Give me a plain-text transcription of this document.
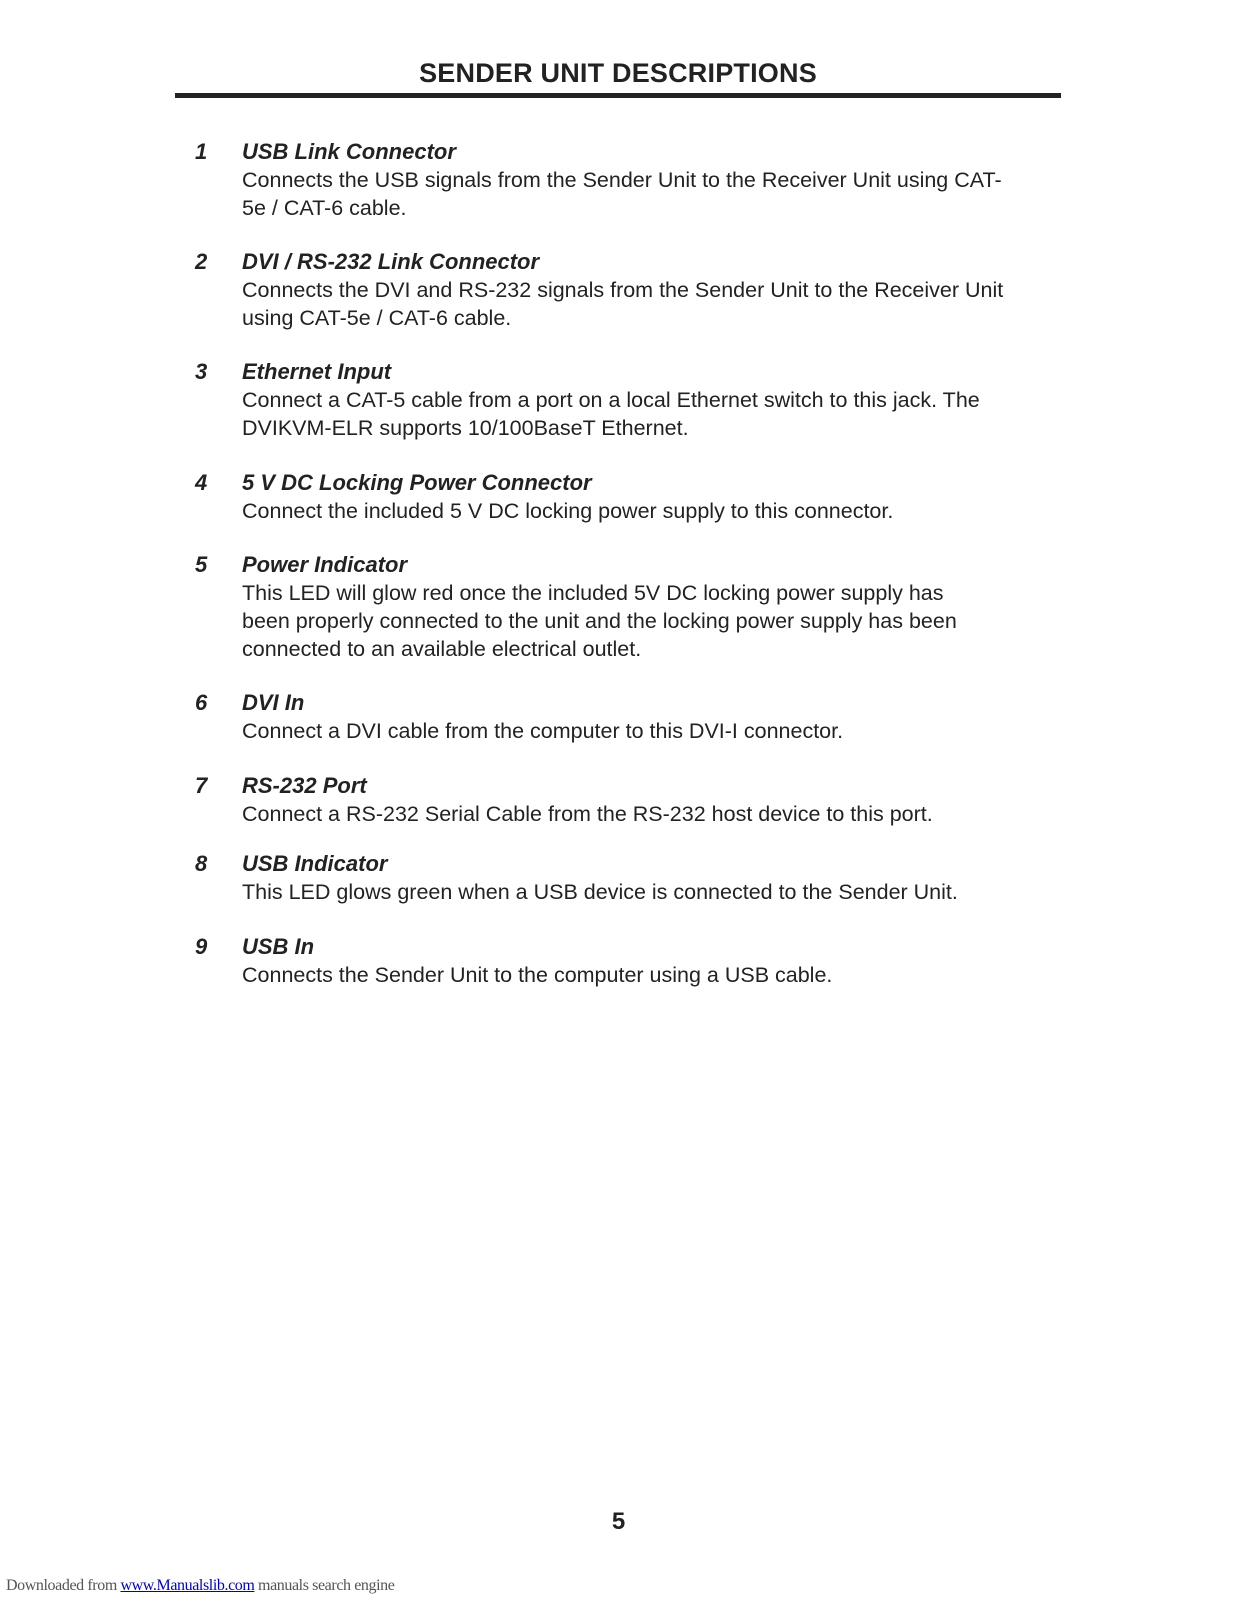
SENDER UNIT DESCRIPTIONS
1 USB Link Connector
Connects the USB signals from the Sender Unit to the Receiver Unit using CAT-
5e / CAT-6 cable.
2 DVI / RS-232 Link Connector
Connects the DVI and RS-232 signals from the Sender Unit to the Receiver Unit
using CAT-5e / CAT-6 cable.
3 Ethernet Input
Connect a CAT-5 cable from a port on a local Ethernet switch to this jack. The
DVIKVM-ELR supports 10/100BaseT Ethernet.
4 5 V DC Locking Power Connector
Connect the included 5 V DC locking power supply to this connector.
5 Power Indicator
This LED will glow red once the included 5V DC locking power supply has
been properly connected to the unit and the locking power supply has been
connected to an available electrical outlet.
6 DVI In
Connect a DVI cable from the computer to this DVI-I connector.
7 RS-232 Port
Connect a RS-232 Serial Cable from the RS-232 host device to this port.
8 USB Indicator
This LED glows green when a USB device is connected to the Sender Unit.
9 USB In
Connects the Sender Unit to the computer using a USB cable.
5
Downloaded from www.Manualslib.com manuals search engine
